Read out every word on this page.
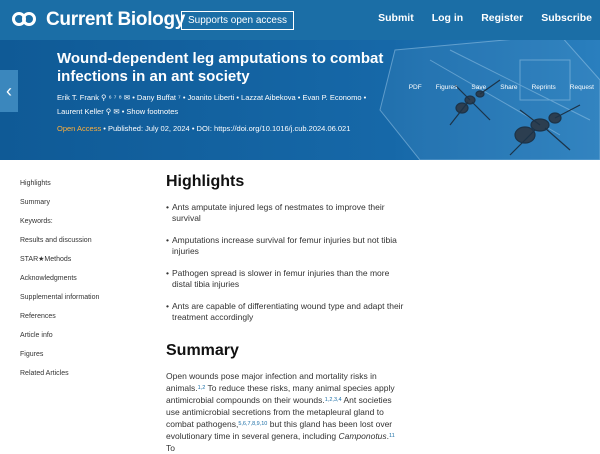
Current Biology Supports open access	Submit Log in Register Subscribe
‹	PDF Figures Save Share Reprints Request
Wound-dependent leg amputations to combat infections in an ant society
Erik T. Frank ⚲ ⁶ ⁷ ⁸ ✉ • Dany Buffat ⁷ • Joanito Liberti • Lazzat Aibekova • Evan P. Economo •
Laurent Keller ⚲ ✉ • Show footnotes
Open Access • Published: July 02, 2024 • DOI: https://doi.org/10.1016/j.cub.2024.06.021
Highlights
Summary
Keywords:
Results and discussion
STAR★Methods
Acknowledgments
Supplemental information
References
Article info
Figures
Related Articles
Highlights
• Ants amputate injured legs of nestmates to improve their survival
• Amputations increase survival for femur injuries but not tibia injuries
• Pathogen spread is slower in femur injuries than the more distal tibia injuries
• Ants are capable of differentiating wound type and adapt their treatment accordingly
Summary
Open wounds pose major infection and mortality risks in animals.$^{1,2}$ To reduce these risks, many animal species apply antimicrobial compounds on their wounds.$^{1,2,3,4}$ Ant societies use antimicrobial secretions from the metapleural gland to combat pathogens,$^{5,6,7,8,9,10}$ but this gland has been lost over evolutionary time in several genera, including Camponotus.$^{11}$ To
